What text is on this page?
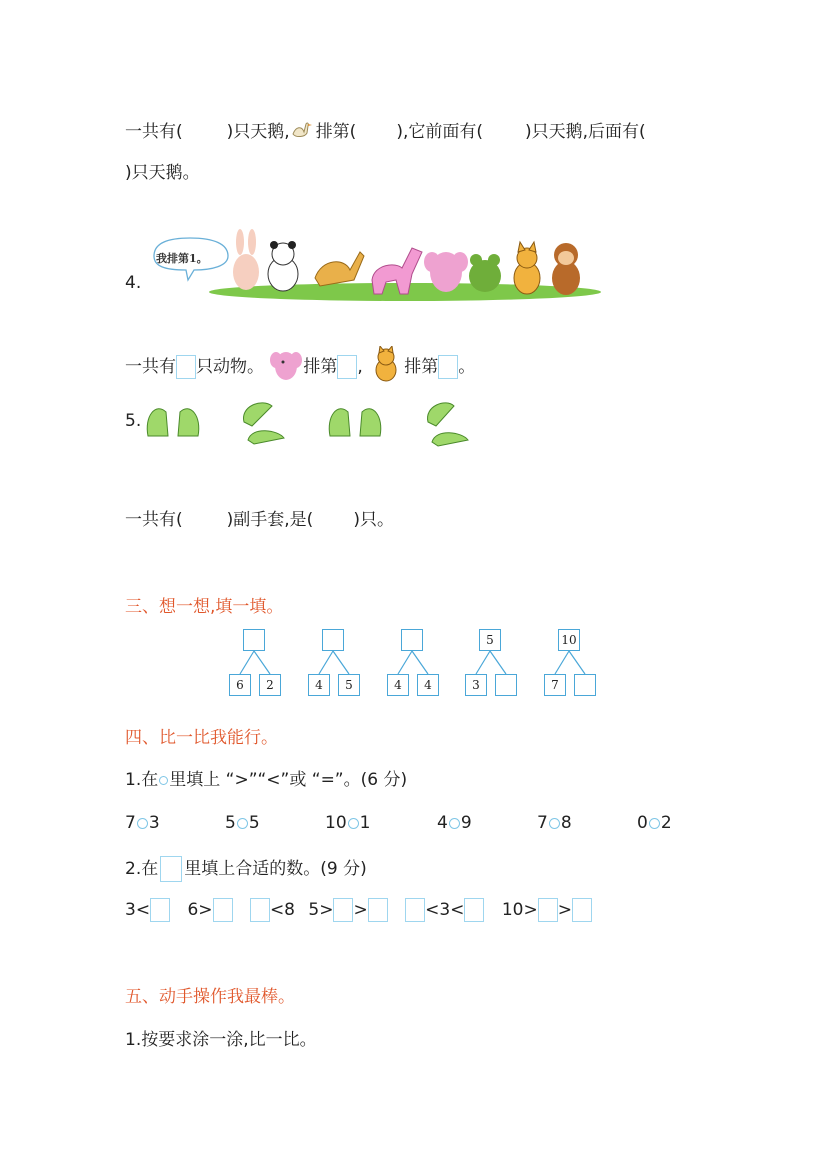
一共有(	)只天鹅, 排第( ),它前面有( )只天鹅,后面有(
)只天鹅。
4.
我排第1。
一共有 只动物。 排第 , 排第 。
5.
一共有(	)副手套,是( )只。
三、想一想,填一填。
6	2	4	5	4	4
5
3
10
7
四、比一比我能行。
1.在 里填上 “>”“<”或 “=”。(6 分)
7 3	5 5	10 1	4 9	7 8	0 2
2.在 里填上合适的数。(9 分)
3< 6>	<8 5> >	<3< 10> >
五、动手操作我最棒。
1.按要求涂一涂,比一比。
